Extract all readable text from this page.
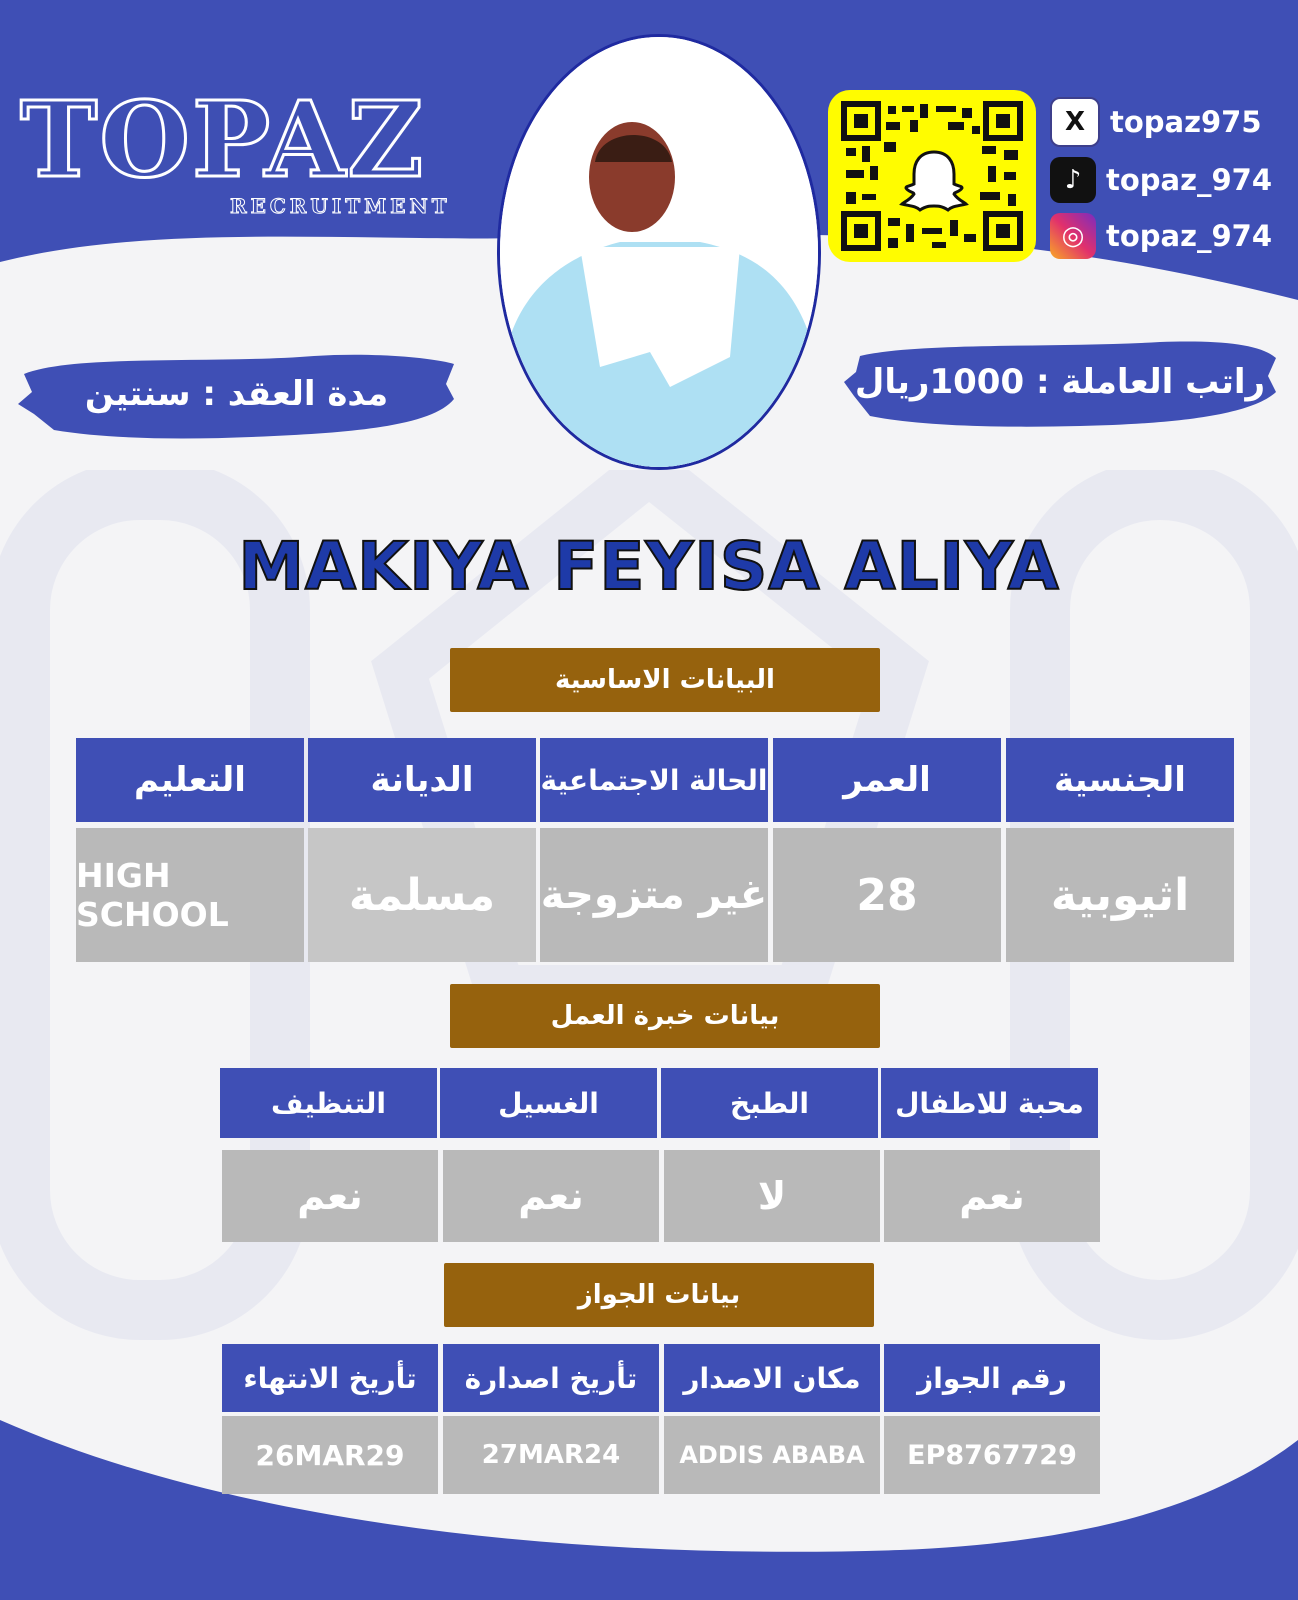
TOPAZ
RECRUITMENT
X topaz975
♪ topaz_974
◎ topaz_974
مدة العقد : سنتين	راتب العاملة : 1000ريال
MAKIYA FEYISA ALIYA
البيانات الاساسية
الجنسية
العمر
الحالة الاجتماعية
الديانة
التعليم
اثيوبية
28
غير متزوجة
مسلمة
HIGH SCHOOL
بيانات خبرة العمل
محبة للاطفال
الطبخ
الغسيل
التنظيف
نعم
لا
نعم
نعم
بيانات الجواز
رقم الجواز
مكان الاصدار
تأريخ اصدارة
تأريخ الانتهاء
EP8767729
ADDIS ABABA
27MAR24
26MAR29
